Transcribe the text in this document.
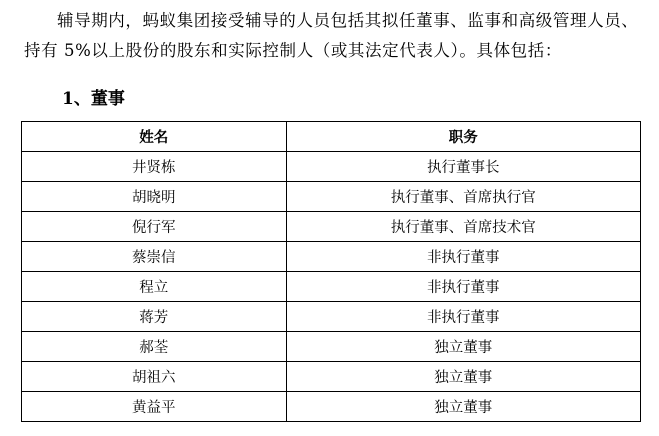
辅导期内，蚂蚁集团接受辅导的人员包括其拟任董事、监事和高级管理人员、持有 5%以上股份的股东和实际控制人（或其法定代表人）。具体包括：

1、董事
姓名	职务
井贤栋	执行董事长
胡晓明	执行董事、首席执行官
倪行军	执行董事、首席技术官
蔡崇信	非执行董事
程立	非执行董事
蒋芳	非执行董事
郝荃	独立董事
胡祖六	独立董事
黄益平	独立董事
